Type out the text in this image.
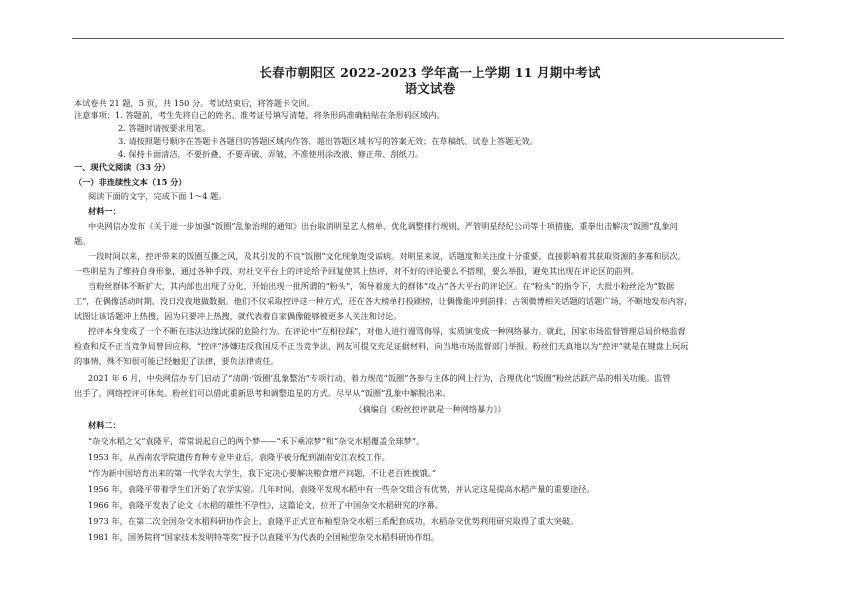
长春市朝阳区 2022-2023 学年高一上学期 11 月期中考试
语文试卷
本试卷共 21 题，5 页，共 150 分。考试结束后，将答题卡交回。
注意事项：1. 答题前，考生先将自己的姓名、准考证号填写清楚，将条形码准确粘贴在条形码区域内。
2. 答题时请按要求用笔。
3. 请按照题号顺序在答题卡各题目的答题区域内作答，超出答题区域书写的答案无效；在草稿纸、试卷上答题无效。
4. 保持卡面清洁，不要折叠，不要弄破、弄皱，不准使用涂改液、修正带、刮纸刀。
一、现代文阅读（33 分）
（一）非连续性文本（15 分）
阅读下面的文字，完成下面 1～4 题。
材料一：
中央网信办发布《关于进一步加强“饭圈”乱象治理的通知》出台取消明星艺人榜单、优化调整排行规则、严管明星经纪公司等十项措施，重拳出击解决“饭圈”乱象问
题。
一段时间以来，控评带来的饭圈互撕之风，及其引发的不良“饭圈”文化现象饱受诟病。对明星来说，话题度和关注度十分重要，直接影响着其获取资源的多寡和层次。
一些明星为了维持自身形象，通过各种手段，对社交平台上的评论给予回复使其上热评，对不好的评论要么不搭理，要么举报，避免其出现在评论区的前列。
当粉丝群体不断扩大，其内部也出现了分化，开始出现一批所谓的“粉头”，领导着庞大的群体“攻占”各大平台的评论区。在“粉头”的指令下，大批小粉丝沦为“数据
工”，在偶像活动时期，没日没夜地做数据。他们不仅采取控评这一种方式，还在各大榜单打投刷榜，让偶像能冲到前排；占领微博相关话题的话题广场，不断地发布内容，
试图让该话题冲上热搜，因为只要冲上热搜，就代表着自家偶像能够被更多人关注和讨论。
控评本身变成了一个不断在违法边缘试探的危险行为。在评论中“互相拉踩”，对他人进行谩骂侮辱，实质演变成一种网络暴力。就此，国家市场监督管理总局价格监督
检查和反不正当竞争局曾回应称，“控评”涉嫌违反我国反不正当竞争法，网友可提交充足证据材料，向当地市场监督部门举报。粉丝们天真地以为“控评”就是在键盘上玩玩
的事情，殊不知很可能已经触犯了法律，要负法律责任。
2021 年 6 月，中央网信办专门启动了“清朗·‘饭圈’乱象整治”专项行动，着力规范“饭圈”各参与主体的网上行为，合理优化“饭圈”粉丝活跃产品的相关功能。监管
出手了，网络控评可休矣。粉丝们可以借此重新思考和调整追星的方式。尽早从“饭圈”乱象中解脱出来。
（摘编自《粉丝控评就是一种网络暴力》）
材料二：
“杂交水稻之父”袁隆平，常常说起自己的两个梦——“禾下乘凉梦”和“杂交水稻覆盖全球梦”。
1953 年，从西南农学院遗传育种专业毕业后，袁隆平被分配到湖南安江农校工作。
“作为新中国培育出来的第一代学农大学生，我下定决心要解决粮食增产问题，不让老百姓挨饿。”
1956 年，袁隆平带着学生们开始了农学实验。几年时间，袁隆平发现水稻中有一些杂交组合有优势，并认定这是提高水稻产量的重要途径。
1966 年，袁隆平发表了论文《水稻的雄性不孕性》，这篇论文，拉开了中国杂交水稻研究的序幕。
1973 年，在第二次全国杂交水稻科研协作会上，袁隆平正式宣布籼型杂交水稻三系配套成功，水稻杂交优势利用研究取得了重大突破。
1981 年，国务院将“国家技术发明特等奖”授予以袁隆平为代表的全国籼型杂交水稻科研协作组。
